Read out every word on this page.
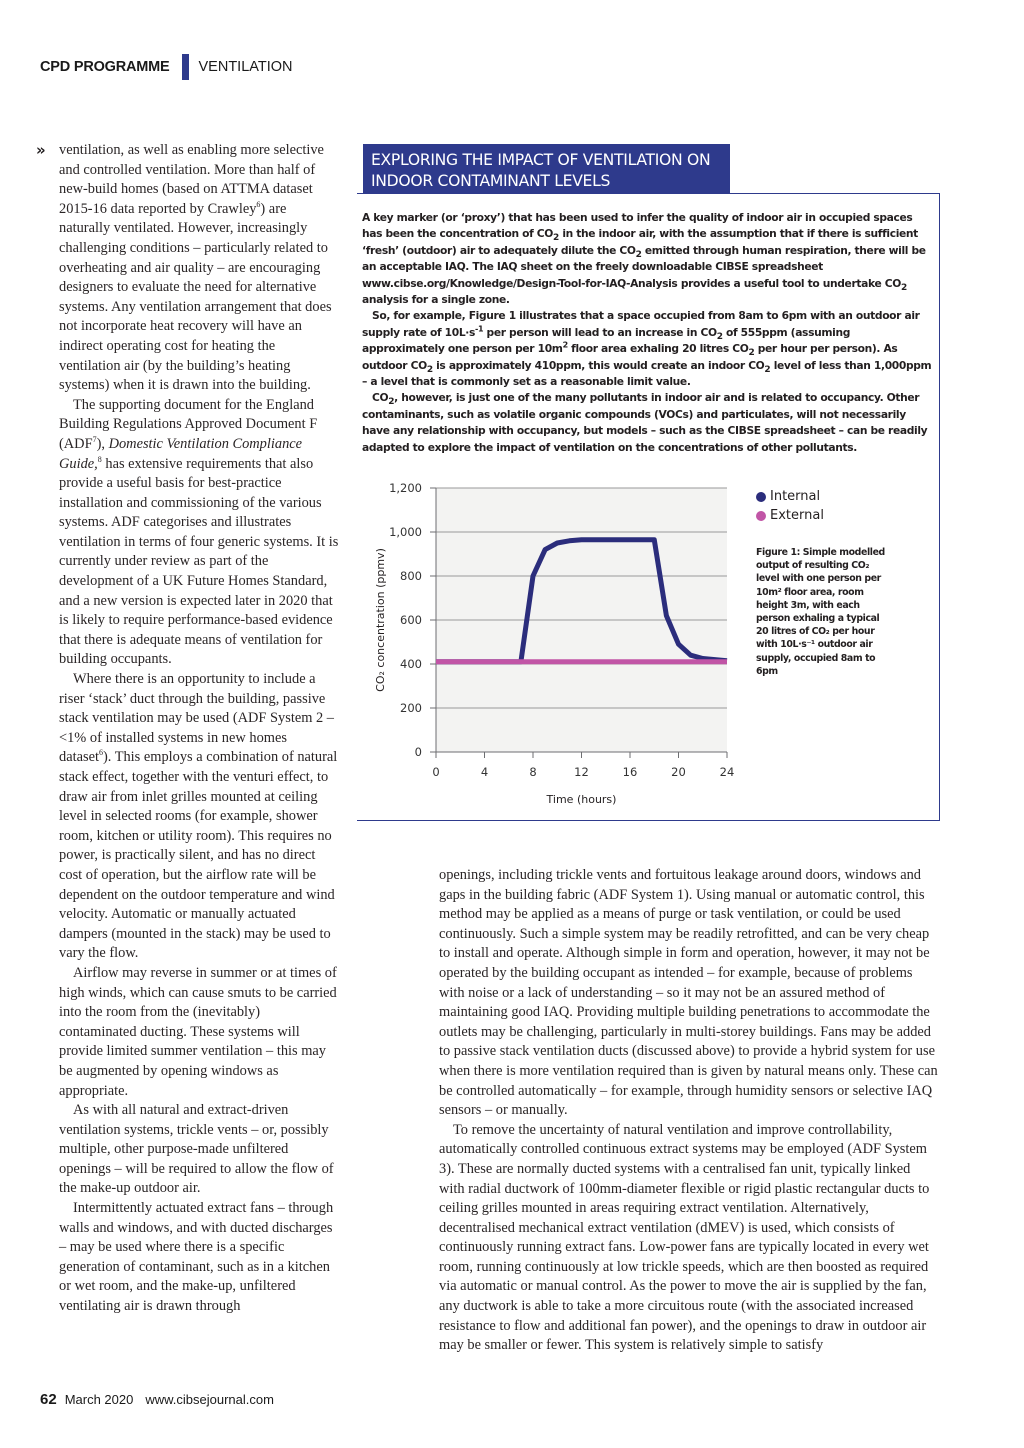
CPD PROGRAMME VENTILATION
» ventilation, as well as enabling more selective and controlled ventilation. More than half of new-build homes (based on ATTMA dataset 2015-16 data reported by Crawley$^6$) are naturally ventilated. However, increasingly challenging conditions – particularly related to overheating and air quality – are encouraging designers to evaluate the need for alternative systems. Any ventilation arrangement that does not incorporate heat recovery will have an indirect operating cost for heating the ventilation air (by the building’s heating systems) when it is drawn into the building.

The supporting document for the England Building Regulations Approved Document F (ADF$^7$), Domestic Ventilation Compliance Guide,$^8$ has extensive requirements that also provide a useful basis for best-practice installation and commissioning of the various systems. ADF categorises and illustrates ventilation in terms of four generic systems. It is currently under review as part of the development of a UK Future Homes Standard, and a new version is expected later in 2020 that is likely to require performance-based evidence that there is adequate means of ventilation for building occupants.

Where there is an opportunity to include a riser ‘stack’ duct through the building, passive stack ventilation may be used (ADF System 2 – <1% of installed systems in new homes dataset$^6$). This employs a combination of natural stack effect, together with the venturi effect, to draw air from inlet grilles mounted at ceiling level in selected rooms (for example, shower room, kitchen or utility room). This requires no power, is practically silent, and has no direct cost of operation, but the airflow rate will be dependent on the outdoor temperature and wind velocity. Automatic or manually actuated dampers (mounted in the stack) may be used to vary the flow.

Airflow may reverse in summer or at times of high winds, which can cause smuts to be carried into the room from the (inevitably) contaminated ducting. These systems will provide limited summer ventilation – this may be augmented by opening windows as appropriate.

As with all natural and extract-driven ventilation systems, trickle vents – or, possibly multiple, other purpose-made unfiltered openings – will be required to allow the flow of the make-up outdoor air.

Intermittently actuated extract fans – through walls and windows, and with ducted discharges – may be used where there is a specific generation of contaminant, such as in a kitchen or wet room, and the make-up, unfiltered ventilating air is drawn through

EXPLORING THE IMPACT OF VENTILATION ON INDOOR CONTAMINANT LEVELS

A key marker (or ‘proxy’) that has been used to infer the quality of indoor air in occupied spaces has been the concentration of $CO_2$ in the indoor air, with the assumption that if there is sufficient ‘fresh’ (outdoor) air to adequately dilute the $CO_2$ emitted through human respiration, there will be an acceptable IAQ. The IAQ sheet on the freely downloadable CIBSE spreadsheet www.cibse.org/Knowledge/Design-Tool-for-IAQ-Analysis provides a useful tool to undertake $CO_2$ analysis for a single zone.

So, for example, Figure 1 illustrates that a space occupied from 8am to 6pm with an outdoor air supply rate of $10L\cdot s^{-1}$ per person will lead to an increase in $CO_2$ of 555ppm (assuming approximately one person per $10m^2$ floor area exhaling 20 litres $CO_2$ per hour per person). As outdoor $CO_2$ is approximately 410ppm, this would create an indoor $CO_2$ level of less than 1,000ppm – a level that is commonly set as a reasonable limit value.

$CO_2$, however, is just one of the many pollutants in indoor air and is related to occupancy. Other contaminants, such as volatile organic compounds (VOCs) and particulates, will not necessarily have any relationship with occupancy, but models – such as the CIBSE spreadsheet – can be readily adapted to explore the impact of ventilation on the concentrations of other pollutants.

0
200
400
600
800
1,000
1,200
0	4	8	12	16	20	24
Time (hours)
CO₂ concentration (ppmv)
Internal
External
Figure 1: Simple modelled output of resulting CO₂ level with one person per 10m² floor area, room height 3m, with each person exhaling a typical 20 litres of CO₂ per hour with 10L·s⁻¹ outdoor air supply, occupied 8am to 6pm

openings, including trickle vents and fortuitous leakage around doors, windows and gaps in the building fabric (ADF System 1). Using manual or automatic control, this method may be applied as a means of purge or task ventilation, or could be used continuously. Such a simple system may be readily retrofitted, and can be very cheap to install and operate. Although simple in form and operation, however, it may not be operated by the building occupant as intended – for example, because of problems with noise or a lack of understanding – so it may not be an assured method of maintaining good IAQ. Providing multiple building penetrations to accommodate the outlets may be challenging, particularly in multi-storey buildings. Fans may be added to passive stack ventilation ducts (discussed above) to provide a hybrid system for use when there is more ventilation required than is given by natural means only. These can be controlled automatically – for example, through humidity sensors or selective IAQ sensors – or manually.

To remove the uncertainty of natural ventilation and improve controllability, automatically controlled continuous extract systems may be employed (ADF System 3). These are normally ducted systems with a centralised fan unit, typically linked with radial ductwork of 100mm-diameter flexible or rigid plastic rectangular ducts to ceiling grilles mounted in areas requiring extract ventilation. Alternatively, decentralised mechanical extract ventilation (dMEV) is used, which consists of continuously running extract fans. Low-power fans are typically located in every wet room, running continuously at low trickle speeds, which are then boosted as required via automatic or manual control. As the power to move the air is supplied by the fan, any ductwork is able to take a more circuitous route (with the associated increased resistance to flow and additional fan power), and the openings to draw in outdoor air may be smaller or fewer. This system is relatively simple to satisfy

62 March 2020 www.cibsejournal.com
